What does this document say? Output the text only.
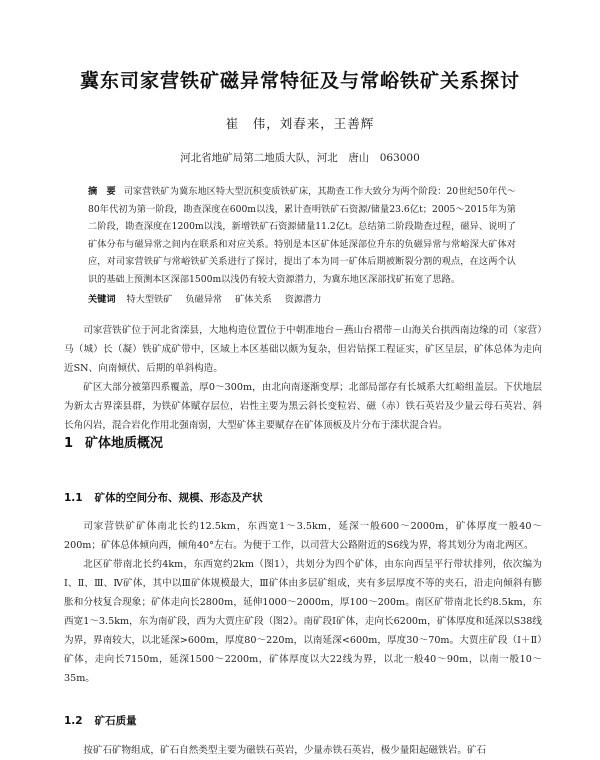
冀东司家营铁矿磁异常特征及与常峪铁矿关系探讨
崔　伟，刘春来，王善辉
河北省地矿局第二地质大队，河北　唐山　063000
摘　要 司家营铁矿为冀东地区特大型沉积变质铁矿床，其勘查工作大致分为两个阶段：20世纪50年代～80年代初为第一阶段，勘查深度在600m以浅，累计查明铁矿石资源/储量23.6亿t；2005～2015年为第二阶段，勘查深度在1200m以浅，新增铁矿石资源储量11.2亿t。总结第二阶段勘查过程，磁异、说明了矿体分布与磁异常之间内在联系和对应关系。特别是本区矿体延深部位升东的负磁异常与常峪深大矿体对应，对司家营铁矿与常峪铁矿关系进行了探讨，提出了本为同一矿体后期被断裂分割的观点，在这两个认识的基础上预测本区深部1500m以浅仍有较大资源潜力，为冀东地区深部找矿拓宽了思路。
关键词 特大型铁矿 负磁异常 矿体关系 资源潜力

司家营铁矿位于河北省滦县，大地构造位置位于中朝准地台－燕山台褶带－山海关台拱西南边缘的司（家营）马（城）长（凝）铁矿成矿带中，区域上本区基础以颇为复杂，但岩钻探工程证实，矿区呈层，矿体总体为走向近SN、向南倾伏、后期的单斜构造。

矿区大部分被第四系覆盖，厚0～300m，由北向南逐渐变厚；北部局部存有长城系大红峪组盖层。下伏地层为新太古界滦县群，为铁矿体赋存层位，岩性主要为黑云斜长变粒岩、磁（赤）铁石英岩及少量云母石英岩、斜长角闪岩，混合岩化作用北强南弱，大型矿体主要赋存在矿体顶板及片分布于滦状混合岩。

1 矿体地质概况
1.1 矿体的空间分布、规模、形态及产状

司家营铁矿矿体南北长约12.5km，东西宽1～3.5km，延深一般600～2000m，矿体厚度一般40～200m；矿体总体倾向西，倾角40°左右。为便于工作，以司营大公路附近的S6线为界，将其划分为南北两区。

北区矿带南北长约4km，东西宽约2km（图1），共划分为四个矿体，由东向西呈平行带状排列，依次编为Ⅰ、Ⅱ、Ⅲ、Ⅳ矿体，其中以Ⅲ矿体规模最大，Ⅲ矿体由多层矿组成，夹有多层厚度不等的夹石，沿走向倾斜有膨胀和分枝复合现象；矿体走向长2800m，延伸1000～2000m，厚100～200m。南区矿带南北长约8.5km，东西宽1～3.5km，东为南矿段，西为大贾庄矿段（图2）。南矿段Ⅰ矿体，走向长6200m，矿体厚度和延深以S38线为界，界南较大，以北延深>600m，厚度80～220m，以南延深<600m，厚度30～70m。大贾庄矿段（Ⅰ＋Ⅱ）矿体，走向长7150m，延深1500～2200m，矿体厚度以大22线为界，以北一般40～90m，以南一般10～35m。

1.2 矿石质量

按矿石矿物组成，矿石自然类型主要为磁铁石英岩，少量赤铁石英岩，极少量阳起磁铁岩。矿石
